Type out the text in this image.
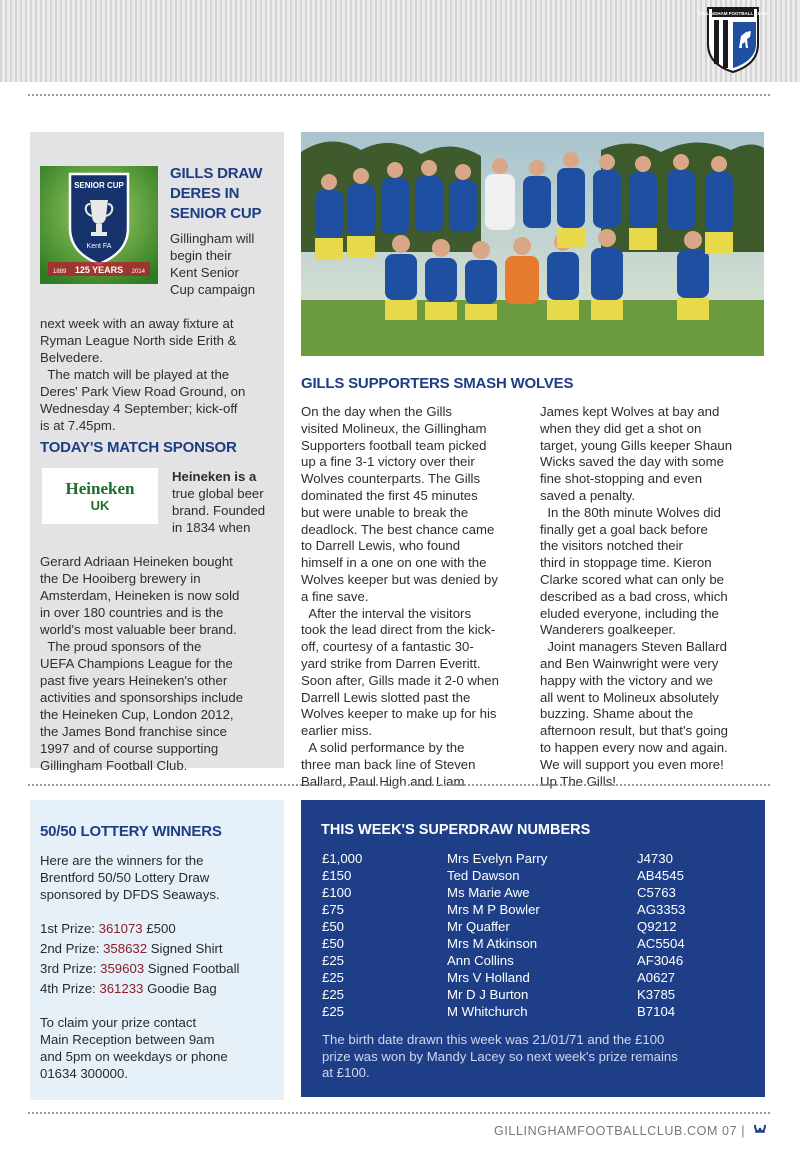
GILLINGHAM FOOTBALL CLUB
SENIOR CUP
Kent FA
125 YEARS
1889	2014
GILLS DRAW
DERES IN
SENIOR CUP
Gillingham will
begin their
Kent Senior
Cup campaign
next week with an away fixture at
Ryman League North side Erith &
Belvedere.
The match will be played at the
Deres' Park View Road Ground, on
Wednesday 4 September; kick-off
is at 7.45pm.
TODAY'S MATCH SPONSOR
Heineken
UK
Heineken is a
true global beer
brand. Founded
in 1834 when
Gerard Adriaan Heineken bought
the De Hooiberg brewery in
Amsterdam, Heineken is now sold
in over 180 countries and is the
world's most valuable beer brand.
The proud sponsors of the
UEFA Champions League for the
past five years Heineken's other
activities and sponsorships include
the Heineken Cup, London 2012,
the James Bond franchise since
1997 and of course supporting
Gillingham Football Club.
GILLS SUPPORTERS SMASH WOLVES
On the day when the Gills
visited Molineux, the Gillingham
Supporters football team picked
up a fine 3-1 victory over their
Wolves counterparts. The Gills
dominated the first 45 minutes
but were unable to break the
deadlock. The best chance came
to Darrell Lewis, who found
himself in a one on one with the
Wolves keeper but was denied by
a fine save.
After the interval the visitors
took the lead direct from the kick-
off, courtesy of a fantastic 30-
yard strike from Darren Everitt.
Soon after, Gills made it 2-0 when
Darrell Lewis slotted past the
Wolves keeper to make up for his
earlier miss.
A solid performance by the
three man back line of Steven
Ballard, Paul High and Liam
James kept Wolves at bay and
when they did get a shot on
target, young Gills keeper Shaun
Wicks saved the day with some
fine shot-stopping and even
saved a penalty.
In the 80th minute Wolves did
finally get a goal back before
the visitors notched their
third in stoppage time. Kieron
Clarke scored what can only be
described as a bad cross, which
eluded everyone, including the
Wanderers goalkeeper.
Joint managers Steven Ballard
and Ben Wainwright were very
happy with the victory and we
all went to Molineux absolutely
buzzing. Shame about the
afternoon result, but that's going
to happen every now and again.
We will support you even more!
Up The Gills!
50/50 LOTTERY WINNERS
Here are the winners for the
Brentford 50/50 Lottery Draw
sponsored by DFDS Seaways.
1st Prize: 361073 £500
2nd Prize: 358632 Signed Shirt
3rd Prize: 359603 Signed Football
4th Prize: 361233 Goodie Bag
To claim your prize contact
Main Reception between 9am
and 5pm on weekdays or phone
01634 300000.
THIS WEEK'S SUPERDRAW NUMBERS
£1,000	Mrs Evelyn Parry	J4730
£150	Ted Dawson	AB4545
£100	Ms Marie Awe	C5763
£75	Mrs M P Bowler	AG3353
£50	Mr Quaffer	Q9212
£50	Mrs M Atkinson	AC5504
£25	Ann Collins	AF3046
£25	Mrs V Holland	A0627
£25	Mr D J Burton	K3785
£25	M Whitchurch	B7104
The birth date drawn this week was 21/01/71 and the £100
prize was won by Mandy Lacey so next week's prize remains
at £100.
GILLINGHAMFOOTBALLCLUB.COM 07 |
